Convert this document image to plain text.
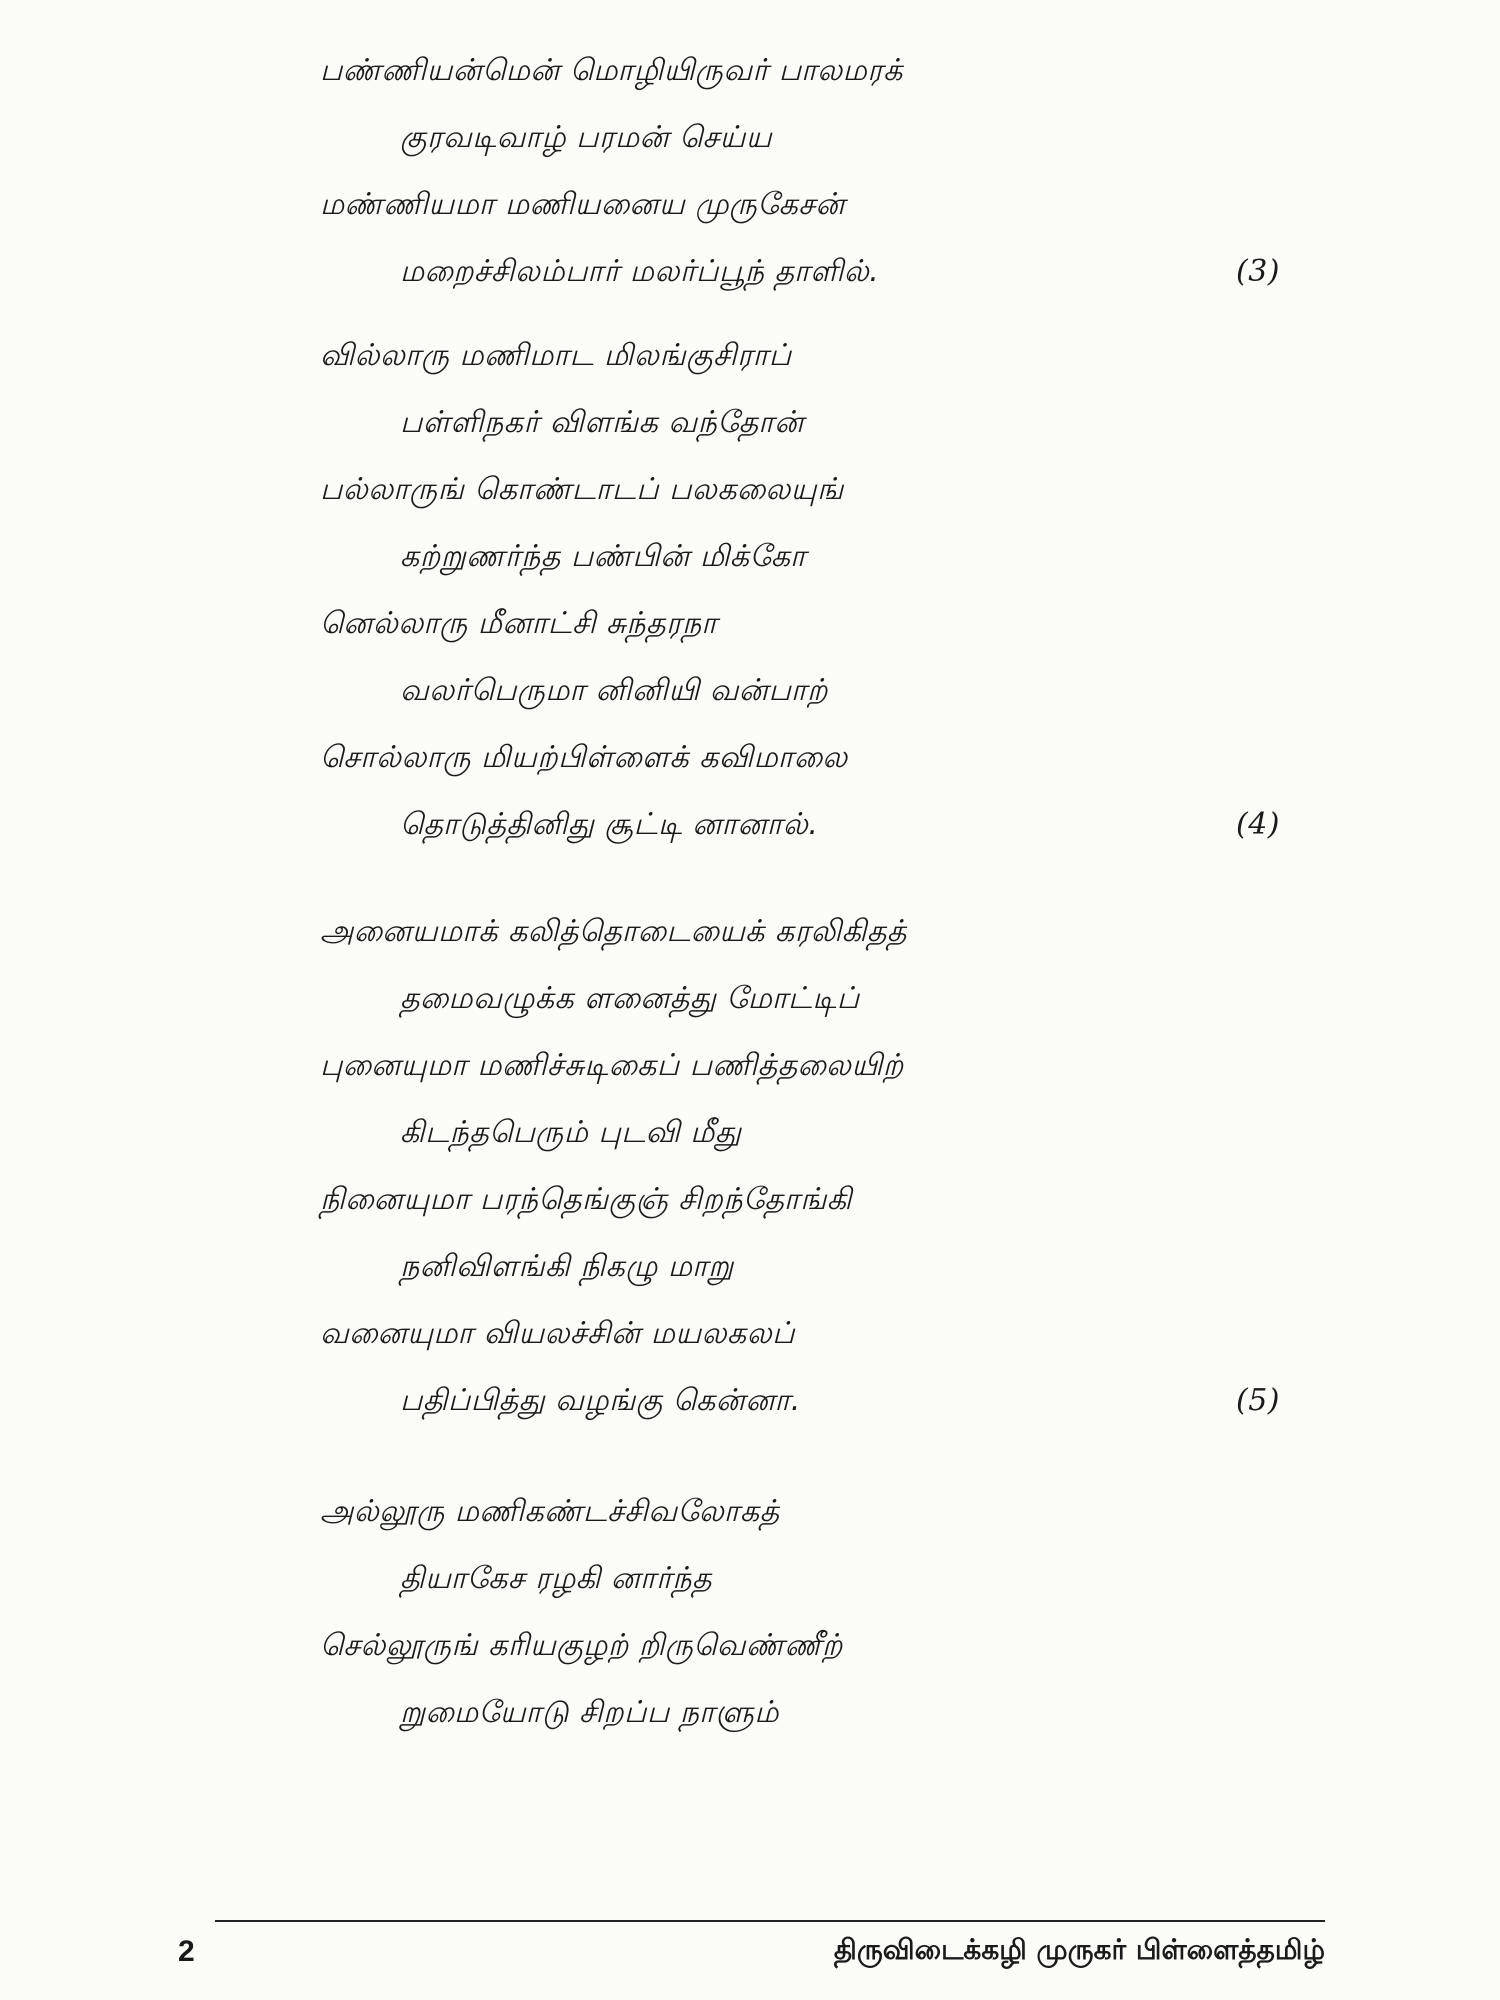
பண்ணியன்மென் மொழியிருவர் பாலமரக்
குரவடிவாழ் பரமன் செய்ய
மண்ணியமா மணியனைய முருகேசன்
மறைச்சிலம்பார் மலர்ப்பூந் தாளில்.	(3)
வில்லாரு மணிமாட மிலங்குசிராப்
பள்ளிநகர் விளங்க வந்தோன்
பல்லாருங் கொண்டாடப் பலகலையுங்
கற்றுணர்ந்த பண்பின் மிக்கோ
னெல்லாரு மீனாட்சி சுந்தரநா
வலர்பெருமா னினியி வன்பாற்
சொல்லாரு மியற்பிள்ளைக் கவிமாலை
தொடுத்தினிது சூட்டி னானால்.	(4)
அனையமாக் கலித்தொடையைக் கரலிகிதத்
தமைவழுக்க ளனைத்து மோட்டிப்
புனையுமா மணிச்சுடிகைப் பணித்தலையிற்
கிடந்தபெரும் புடவி மீது
நினையுமா பரந்தெங்குஞ் சிறந்தோங்கி
நனிவிளங்கி நிகழு மாறு
வனையுமா வியலச்சின் மயலகலப்
பதிப்பித்து வழங்கு கென்னா.	(5)
அல்லூரு மணிகண்டச்சிவலோகத்
தியாகேச ரழகி னார்ந்த
செல்லூருங் கரியகுழற் றிருவெண்ணீற்
றுமையோடு சிறப்ப நாளும்
2	திருவிடைக்கழி முருகர் பிள்ளைத்தமிழ்
